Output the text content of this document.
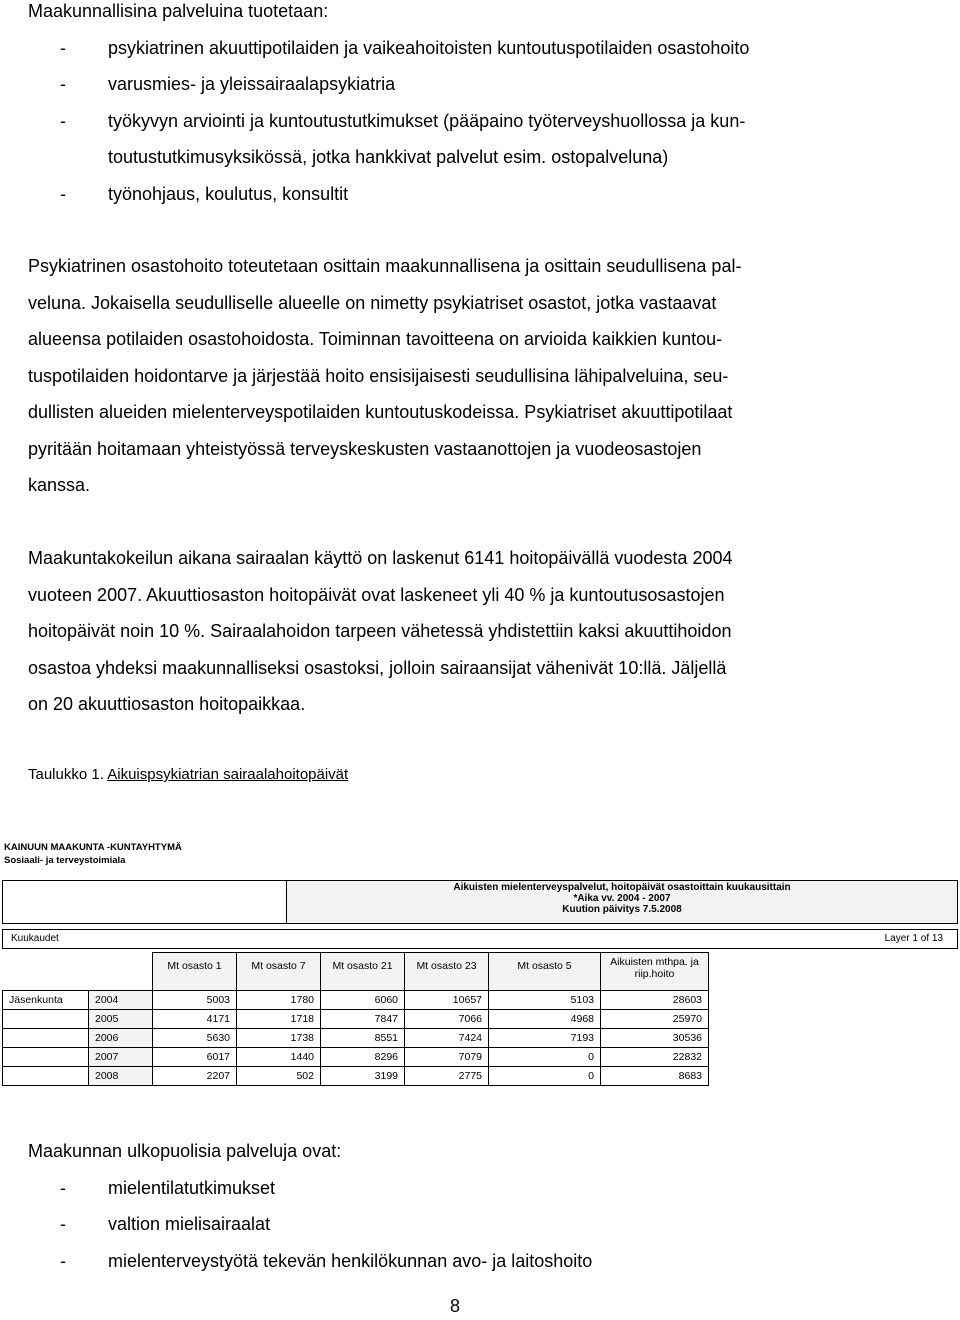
Maakunnallisina palveluina tuotetaan:
- psykiatrinen akuuttipotilaiden ja vaikeahoitoisten kuntoutuspotilaiden osastohoito
- varusmies- ja yleissairaalapsykiatria
- työkyvyn arviointi ja kuntoutustutkimukset (pääpaino työterveyshuollossa ja kun-
toutustutkimusyksikössä, jotka hankkivat palvelut esim. ostopalveluna)
- työnohjaus, koulutus, konsultit
Psykiatrinen osastohoito toteutetaan osittain maakunnallisena ja osittain seudullisena pal-
veluna. Jokaisella seudulliselle alueelle on nimetty psykiatriset osastot, jotka vastaavat
alueensa potilaiden osastohoidosta. Toiminnan tavoitteena on arvioida kaikkien kuntou-
tuspotilaiden hoidontarve ja järjestää hoito ensisijaisesti seudullisina lähipalveluina, seu-
dullisten alueiden mielenterveyspotilaiden kuntoutuskodeissa. Psykiatriset akuuttipotilaat
pyritään hoitamaan yhteistyössä terveyskeskusten vastaanottojen ja vuodeosastojen
kanssa.
Maakuntakokeilun aikana sairaalan käyttö on laskenut 6141 hoitopäivällä vuodesta 2004
vuoteen 2007. Akuuttiosaston hoitopäivät ovat laskeneet yli 40 % ja kuntoutusosastojen
hoitopäivät noin 10 %. Sairaalahoidon tarpeen vähetessä yhdistettiin kaksi akuuttihoidon
osastoa yhdeksi maakunnalliseksi osastoksi, jolloin sairaansijat vähenivät 10:llä. Jäljellä
on 20 akuuttiosaston hoitopaikkaa.
Taulukko 1. Aikuispsykiatrian sairaalahoitopäivät
KAINUUN MAAKUNTA -KUNTAYHTYMÄ
Sosiaali- ja terveystoimiala
Aikuisten mielenterveyspalvelut, hoitopäivät osastoittain kuukausittain
*Aika vv. 2004 - 2007
Kuution päivitys 7.5.2008
Kuukaudet	Layer 1 of 13
		Mt osasto 1	Mt osasto 7	Mt osasto 21	Mt osasto 23	Mt osasto 5	Aikuisten mthpa. ja riip.hoito
Jäsenkunta	2004	5003	1780	6060	10657	5103	28603
	2005	4171	1718	7847	7066	4968	25970
	2006	5630	1738	8551	7424	7193	30536
	2007	6017	1440	8296	7079	0	22832
	2008	2207	502	3199	2775	0	8683
Maakunnan ulkopuolisia palveluja ovat:
- mielentilatutkimukset
- valtion mielisairaalat
- mielenterveystyötä tekevän henkilökunnan avo- ja laitoshoito
8
